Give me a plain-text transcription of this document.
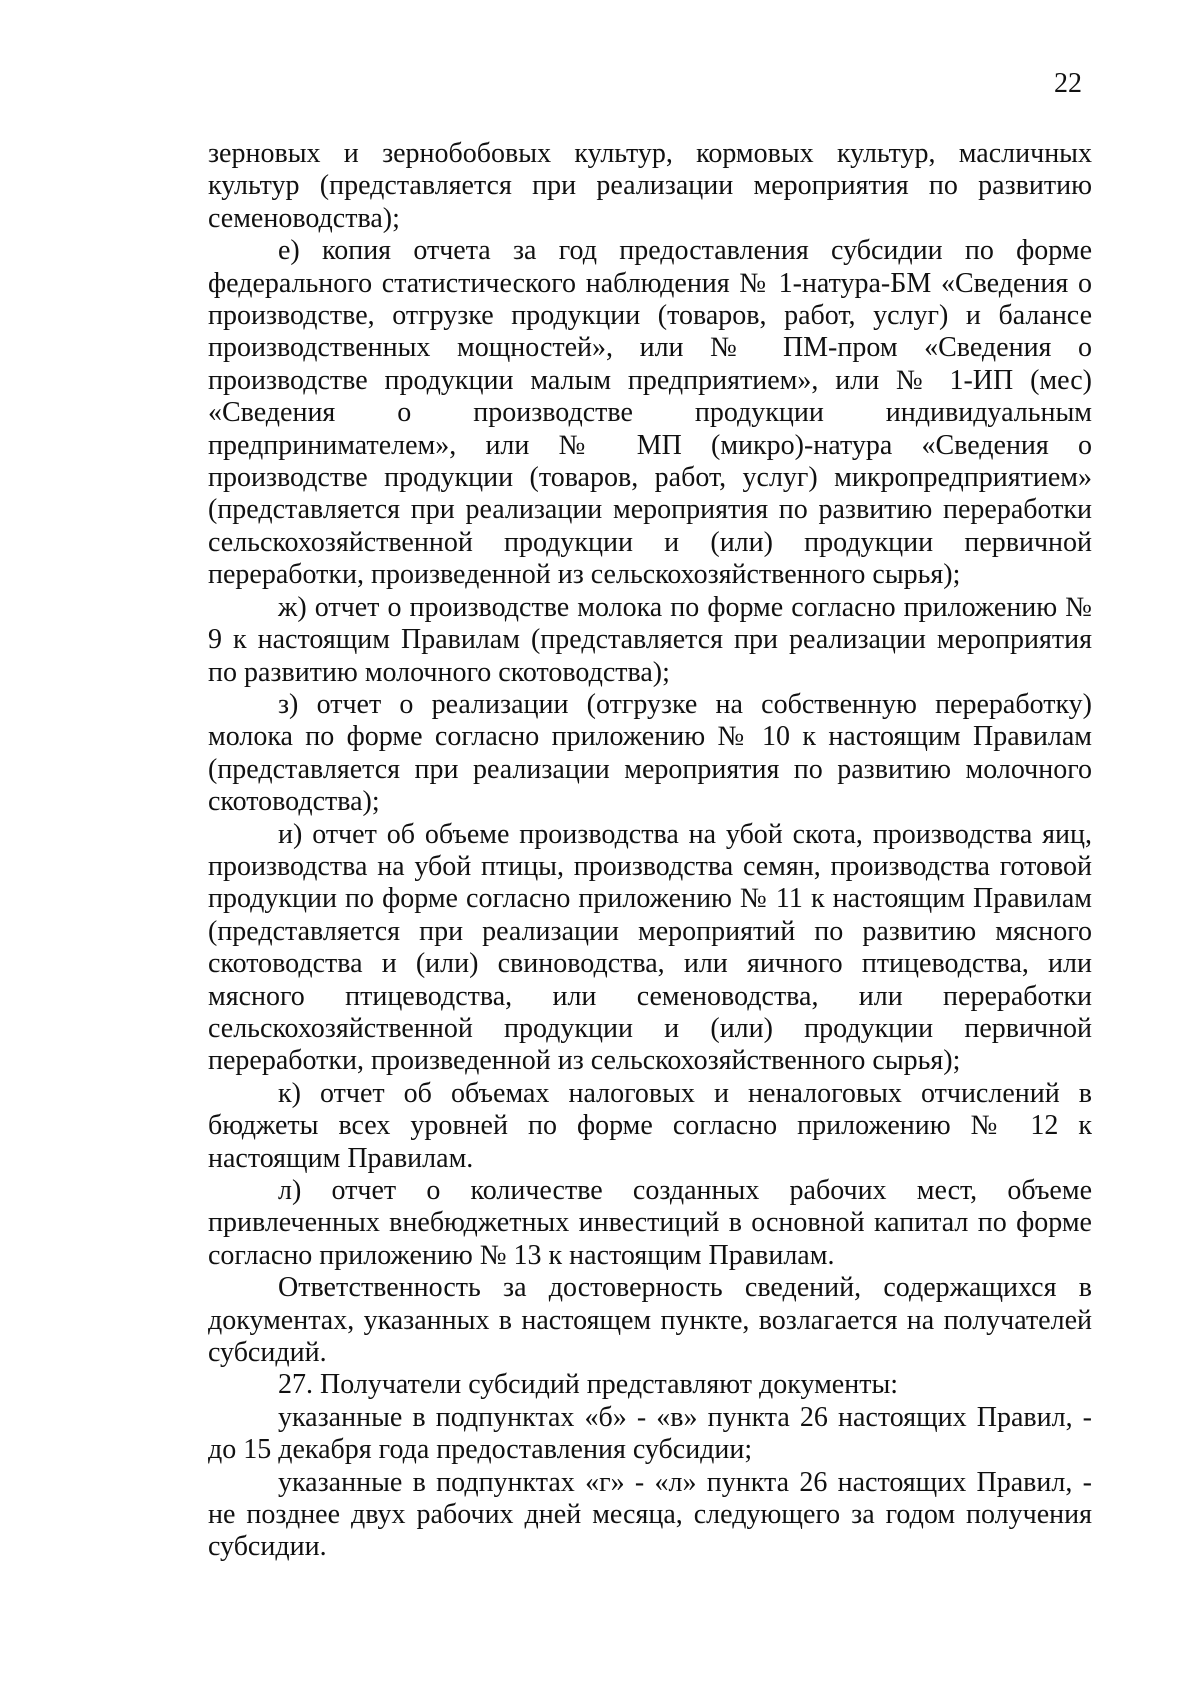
22

зерновых и зернобобовых культур, кормовых культур, масличных культур (представляется при реализации мероприятия по развитию семеноводства);

е) копия отчета за год предоставления субсидии по форме федерального статистического наблюдения № 1-натура-БМ «Сведения о производстве, отгрузке продукции (товаров, работ, услуг) и балансе производственных мощностей», или № ПМ-пром «Сведения о производстве продукции малым предприятием», или № 1-ИП (мес) «Сведения о производстве продукции индивидуальным предпринимателем», или № МП (микро)-натура «Сведения о производстве продукции (товаров, работ, услуг) микропредприятием» (представляется при реализации мероприятия по развитию переработки сельскохозяйственной продукции и (или) продукции первичной переработки, произведенной из сельскохозяйственного сырья);

ж) отчет о производстве молока по форме согласно приложению № 9 к настоящим Правилам (представляется при реализации мероприятия по развитию молочного скотоводства);

з) отчет о реализации (отгрузке на собственную переработку) молока по форме согласно приложению № 10 к настоящим Правилам (представляется при реализации мероприятия по развитию молочного скотоводства);

и) отчет об объеме производства на убой скота, производства яиц, производства на убой птицы, производства семян, производства готовой продукции по форме согласно приложению № 11 к настоящим Правилам (представляется при реализации мероприятий по развитию мясного скотоводства и (или) свиноводства, или яичного птицеводства, или мясного птицеводства, или семеноводства, или переработки сельскохозяйственной продукции и (или) продукции первичной переработки, произведенной из сельскохозяйственного сырья);

к) отчет об объемах налоговых и неналоговых отчислений в бюджеты всех уровней по форме согласно приложению № 12 к настоящим Правилам.

л) отчет о количестве созданных рабочих мест, объеме привлеченных внебюджетных инвестиций в основной капитал по форме согласно приложению № 13 к настоящим Правилам.

Ответственность за достоверность сведений, содержащихся в документах, указанных в настоящем пункте, возлагается на получателей субсидий.

27. Получатели субсидий представляют документы:

указанные в подпунктах «б» - «в» пункта 26 настоящих Правил, - до 15 декабря года предоставления субсидии;

указанные в подпунктах «г» - «л» пункта 26 настоящих Правил, - не позднее двух рабочих дней месяца, следующего за годом получения субсидии.
